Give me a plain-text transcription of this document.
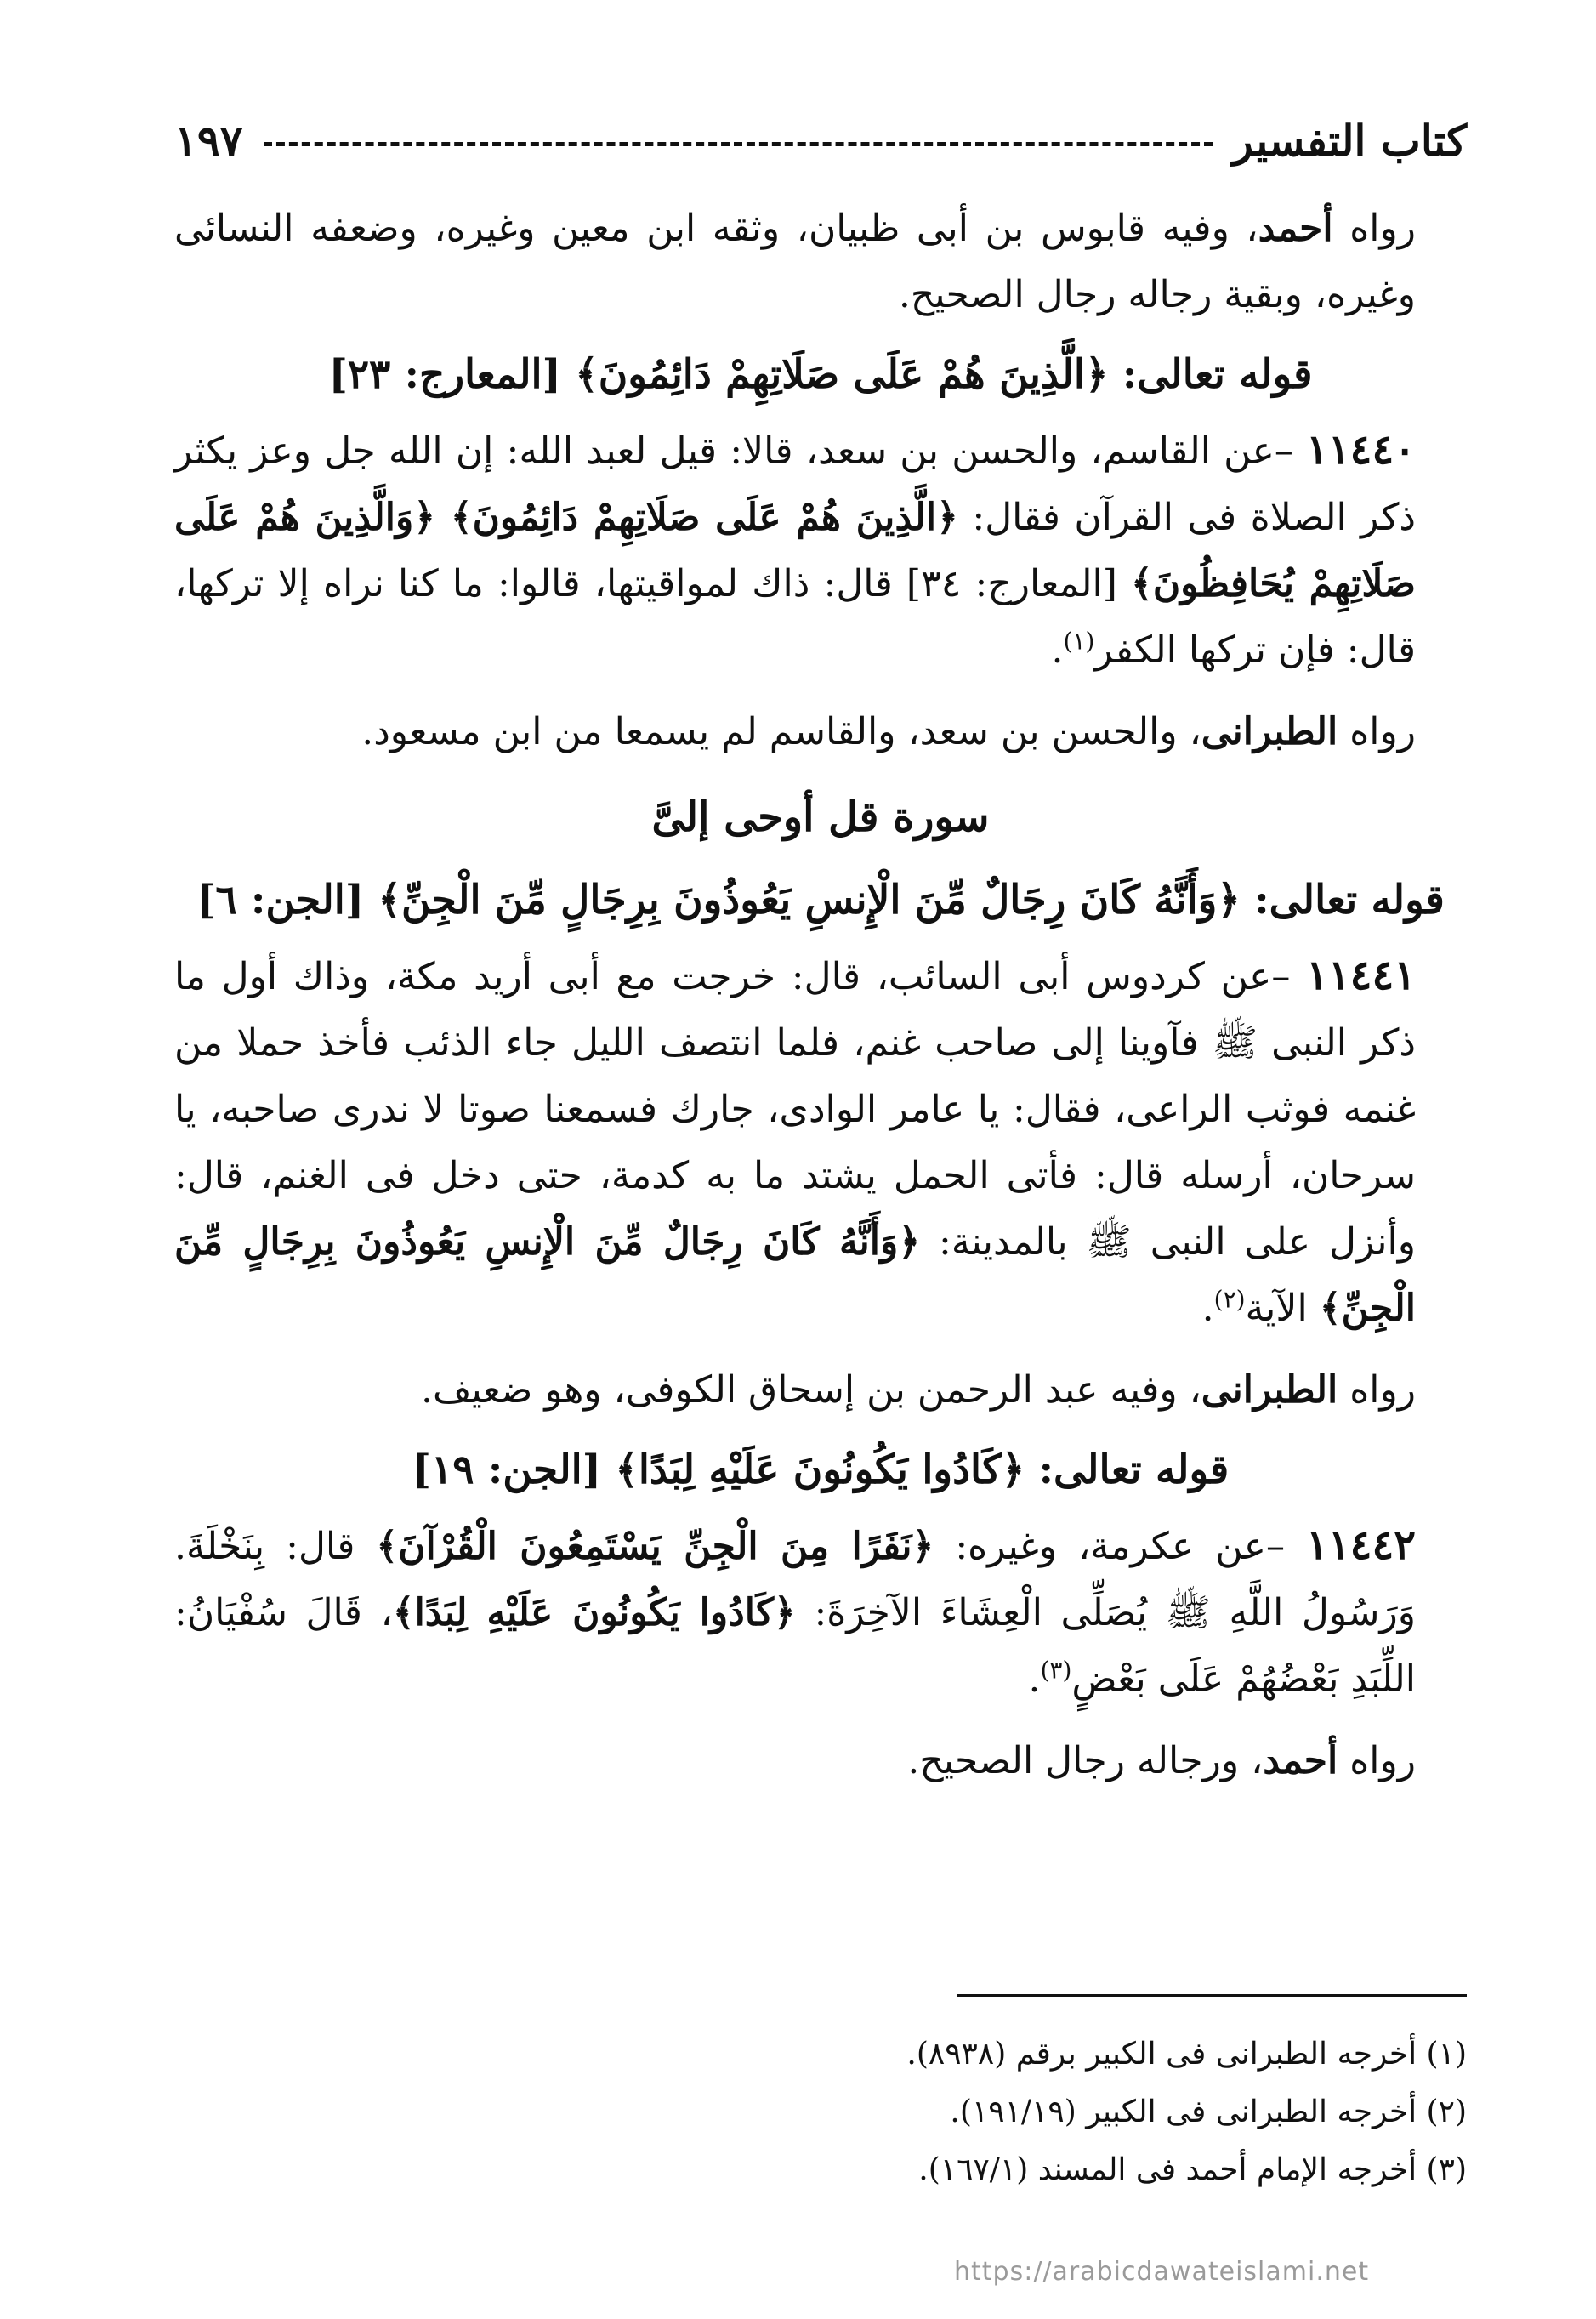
كتاب التفسير
١٩٧

رواه أحمد، وفيه قابوس بن أبى ظبيان، وثقه ابن معين وغيره، وضعفه النسائى وغيره، وبقية رجاله رجال الصحيح.

قوله تعالى: ﴿الَّذِينَ هُمْ عَلَى صَلَاتِهِمْ دَائِمُونَ﴾ [المعارج: ٢٣]

١١٤٤٠ –عن القاسم، والحسن بن سعد، قالا: قيل لعبد الله: إن الله جل وعز يكثر ذكر الصلاة فى القرآن فقال: ﴿الَّذِينَ هُمْ عَلَى صَلَاتِهِمْ دَائِمُونَ﴾ ﴿وَالَّذِينَ هُمْ عَلَى صَلَاتِهِمْ يُحَافِظُونَ﴾ [المعارج: ٣٤] قال: ذاك لمواقيتها، قالوا: ما كنا نراه إلا تركها، قال: فإن تركها الكفر$^{(١)}$.

رواه الطبرانى، والحسن بن سعد، والقاسم لم يسمعا من ابن مسعود.

سورة قل أوحى إلىَّ
قوله تعالى: ﴿وَأَنَّهُ كَانَ رِجَالٌ مِّنَ الْإِنسِ يَعُوذُونَ بِرِجَالٍ مِّنَ الْجِنِّ﴾ [الجن: ٦]

١١٤٤١ –عن كردوس أبى السائب، قال: خرجت مع أبى أريد مكة، وذاك أول ما ذكر النبى ﷺ فآوينا إلى صاحب غنم، فلما انتصف الليل جاء الذئب فأخذ حملا من غنمه فوثب الراعى، فقال: يا عامر الوادى، جارك فسمعنا صوتا لا ندرى صاحبه، يا سرحان، أرسله قال: فأتى الحمل يشتد ما به كدمة، حتى دخل فى الغنم، قال: وأنزل على النبى ﷺ بالمدينة: ﴿وَأَنَّهُ كَانَ رِجَالٌ مِّنَ الْإِنسِ يَعُوذُونَ بِرِجَالٍ مِّنَ الْجِنِّ﴾ الآية$^{(٢)}$.

رواه الطبرانى، وفيه عبد الرحمن بن إسحاق الكوفى، وهو ضعيف.

قوله تعالى: ﴿كَادُوا يَكُونُونَ عَلَيْهِ لِبَدًا﴾ [الجن: ١٩]

١١٤٤٢ –عن عكرمة، وغيره: ﴿نَفَرًا مِنَ الْجِنِّ يَسْتَمِعُونَ الْقُرْآنَ﴾ قال: بِنَخْلَةَ. وَرَسُولُ اللَّهِ ﷺ يُصَلِّى الْعِشَاءَ الآخِرَةَ: ﴿كَادُوا يَكُونُونَ عَلَيْهِ لِبَدًا﴾، قَالَ سُفْيَانُ: اللِّبَدِ بَعْضُهُمْ عَلَى بَعْضٍ$^{(٣)}$.

رواه أحمد، ورجاله رجال الصحيح.

(١) أخرجه الطبرانى فى الكبير برقم (٨٩٣٨).

(٢) أخرجه الطبرانى فى الكبير (١٩١/١٩).

(٣) أخرجه الإمام أحمد فى المسند (١٦٧/١).

https://arabicdawateislami.net
